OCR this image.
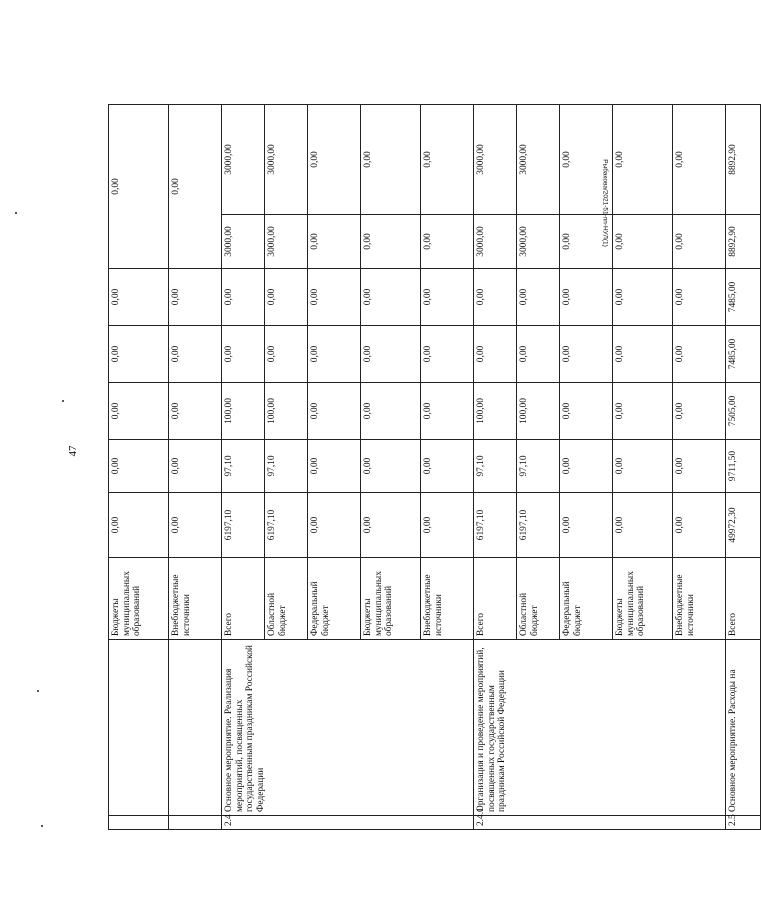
47
Рыбакова/2021-51-пп-НУЛ(1)
		Бюджеты муниципальных образований	0,00	0,00	0,00	0,00	0,00	0,00	
		Внебюджетные источники	0,00	0,00	0,00	0,00	0,00	0,00	
2.4	Основное мероприятие. Реализация мероприятий, посвященных государственным праздникам Российской Федерации	Всего	6197,10	97,10	100,00	0,00	0,00	3000,00	3000,00
		Областной бюджет	6197,10	97,10	100,00	0,00	0,00	3000,00	3000,00
		Федеральный бюджет	0,00	0,00	0,00	0,00	0,00	0,00	0,00
		Бюджеты муниципальных образований	0,00	0,00	0,00	0,00	0,00	0,00	0,00
		Внебюджетные источники	0,00	0,00	0,00	0,00	0,00	0,00	0,00
2.4.1	Организация и проведение мероприятий, посвященных государственным праздникам Российской Федерации	Всего	6197,10	97,10	100,00	0,00	0,00	3000,00	3000,00
		Областной бюджет	6197,10	97,10	100,00	0,00	0,00	3000,00	3000,00
		Федеральный бюджет	0,00	0,00	0,00	0,00	0,00	0,00	0,00
		Бюджеты муниципальных образований	0,00	0,00	0,00	0,00	0,00	0,00	0,00
		Внебюджетные источники	0,00	0,00	0,00	0,00	0,00	0,00	0,00
2.5	Основное мероприятие. Расходы на	Всего	49972,30	9711,50	7505,00	7485,00	7485,00	8892,90	8892,90
